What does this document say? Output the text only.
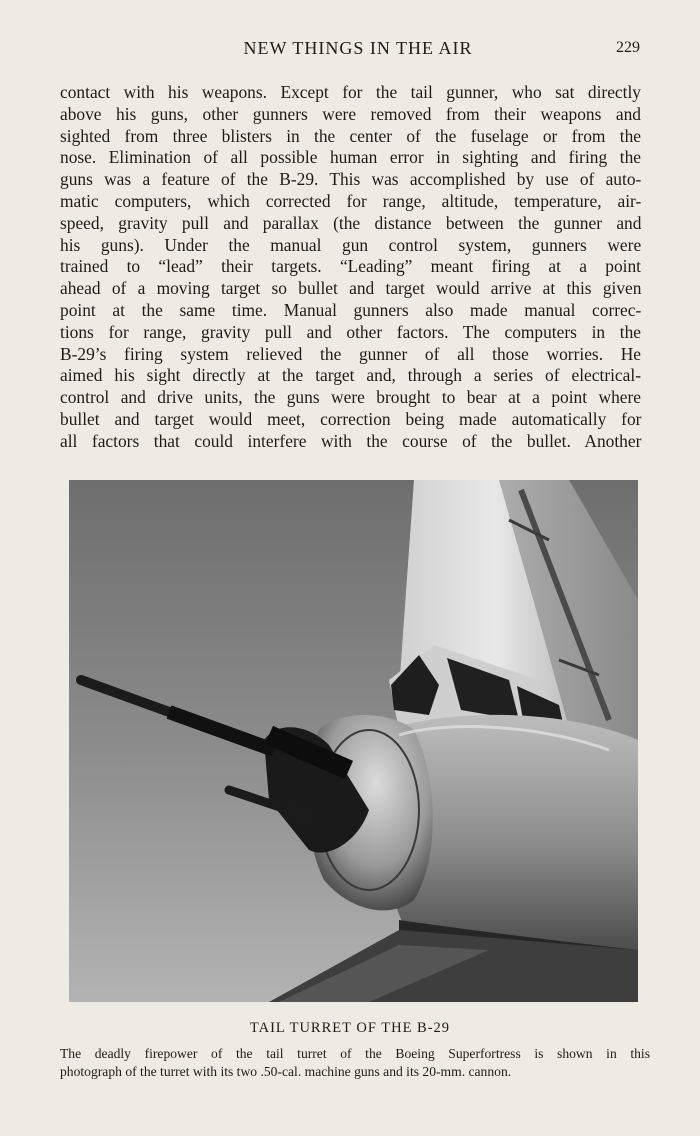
NEW THINGS IN THE AIR	229
contact with his weapons. Except for the tail gunner, who sat directly
above his guns, other gunners were removed from their weapons and
sighted from three blisters in the center of the fuselage or from the
nose. Elimination of all possible human error in sighting and firing the
guns was a feature of the B-29. This was accomplished by use of auto-
matic computers, which corrected for range, altitude, temperature, air-
speed, gravity pull and parallax (the distance between the gunner and
his guns). Under the manual gun control system, gunners were
trained to “lead” their targets. “Leading” meant firing at a point
ahead of a moving target so bullet and target would arrive at this given
point at the same time. Manual gunners also made manual correc-
tions for range, gravity pull and other factors. The computers in the
B-29’s firing system relieved the gunner of all those worries. He
aimed his sight directly at the target and, through a series of electrical-
control and drive units, the guns were brought to bear at a point where
bullet and target would meet, correction being made automatically for
all factors that could interfere with the course of the bullet. Another
TAIL TURRET OF THE B-29
The deadly firepower of the tail turret of the Boeing Superfortress is shown in this
photograph of the turret with its two .50-cal. machine guns and its 20-mm. cannon.
